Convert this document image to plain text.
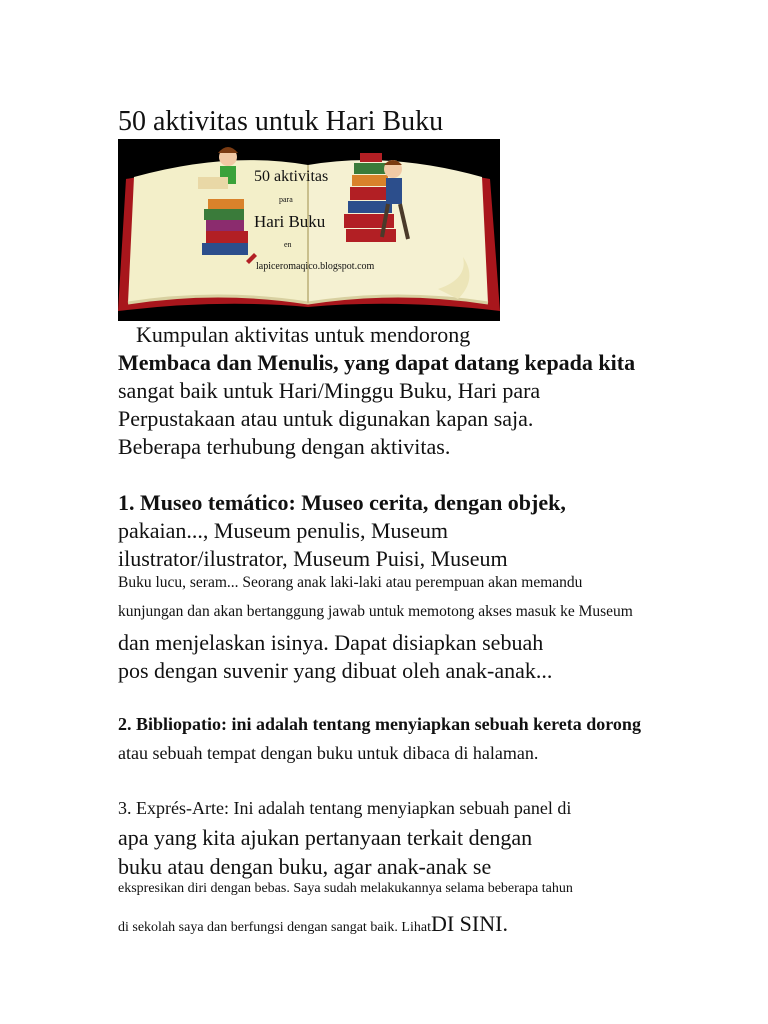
50 aktivitas untuk Hari Buku
50 aktivitas
para
Hari Buku
en
lapiceromaqico.blogspot.com
Kumpulan aktivitas untuk mendorong
Membaca dan Menulis, yang dapat datang kepada kita
sangat baik untuk Hari/Minggu Buku, Hari para
Perpustakaan atau untuk digunakan kapan saja.
Beberapa terhubung dengan aktivitas.
1. Museo temático: Museo cerita, dengan objek,
pakaian..., Museum penulis, Museum
ilustrator/ilustrator, Museum Puisi, Museum
Buku lucu, seram... Seorang anak laki-laki atau perempuan akan memandu
kunjungan dan akan bertanggung jawab untuk memotong akses masuk ke Museum
dan menjelaskan isinya. Dapat disiapkan sebuah
pos dengan suvenir yang dibuat oleh anak-anak...
2. Bibliopatio: ini adalah tentang menyiapkan sebuah kereta dorong
atau sebuah tempat dengan buku untuk dibaca di halaman.
3. Exprés-Arte: Ini adalah tentang menyiapkan sebuah panel di
apa yang kita ajukan pertanyaan terkait dengan
buku atau dengan buku, agar anak-anak se
ekspresikan diri dengan bebas. Saya sudah melakukannya selama beberapa tahun
di sekolah saya dan berfungsi dengan sangat baik. LihatDI SINI.
